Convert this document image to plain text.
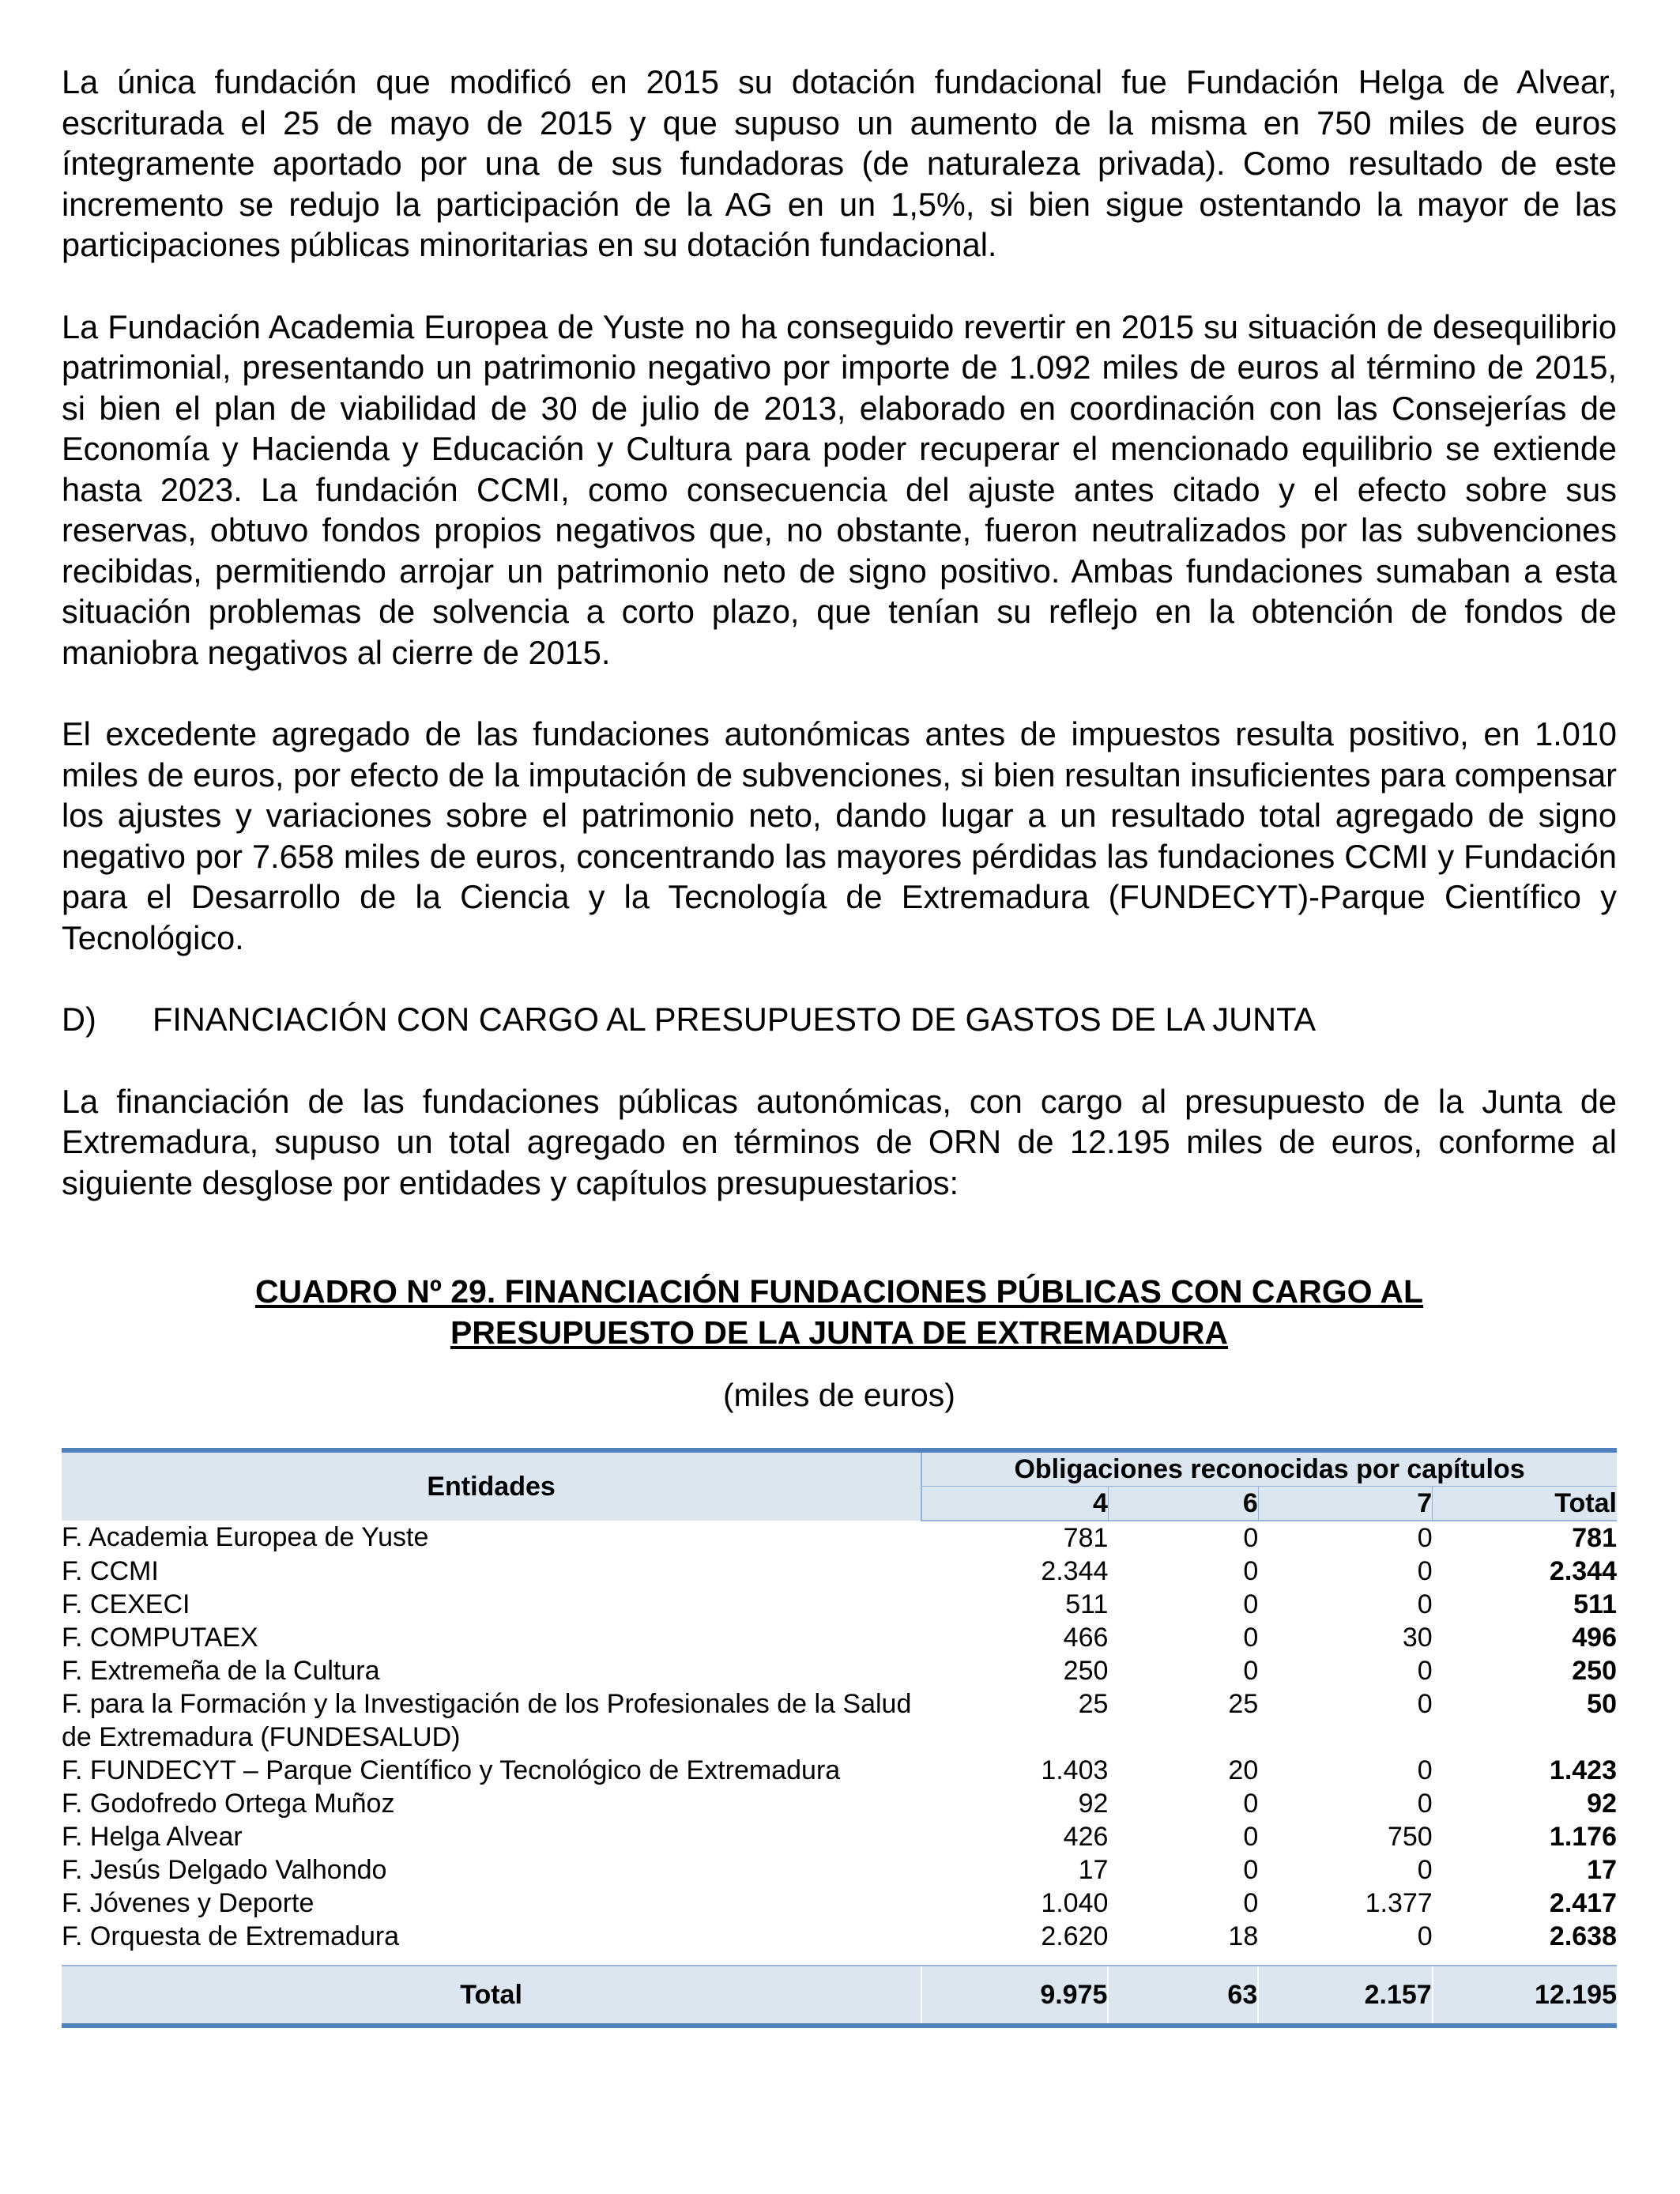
La única fundación que modificó en 2015 su dotación fundacional fue Fundación Helga de Alvear, escriturada el 25 de mayo de 2015 y que supuso un aumento de la misma en 750 miles de euros íntegramente aportado por una de sus fundadoras (de naturaleza privada). Como resultado de este incremento se redujo la participación de la AG en un 1,5%, si bien sigue ostentando la mayor de las participaciones públicas minoritarias en su dotación fundacional.

La Fundación Academia Europea de Yuste no ha conseguido revertir en 2015 su situación de desequilibrio patrimonial, presentando un patrimonio negativo por importe de 1.092 miles de euros al término de 2015, si bien el plan de viabilidad de 30 de julio de 2013, elaborado en coordinación con las Consejerías de Economía y Hacienda y Educación y Cultura para poder recuperar el mencionado equilibrio se extiende hasta 2023. La fundación CCMI, como consecuencia del ajuste antes citado y el efecto sobre sus reservas, obtuvo fondos propios negativos que, no obstante, fueron neutralizados por las subvenciones recibidas, permitiendo arrojar un patrimonio neto de signo positivo. Ambas fundaciones sumaban a esta situación problemas de solvencia a corto plazo, que tenían su reflejo en la obtención de fondos de maniobra negativos al cierre de 2015.

El excedente agregado de las fundaciones autonómicas antes de impuestos resulta positivo, en 1.010 miles de euros, por efecto de la imputación de subvenciones, si bien resultan insuficientes para compensar los ajustes y variaciones sobre el patrimonio neto, dando lugar a un resultado total agregado de signo negativo por 7.658 miles de euros, concentrando las mayores pérdidas las fundaciones CCMI y Fundación para el Desarrollo de la Ciencia y la Tecnología de Extremadura (FUNDECYT)-Parque Científico y Tecnológico.

D) FINANCIACIÓN CON CARGO AL PRESUPUESTO DE GASTOS DE LA JUNTA

La financiación de las fundaciones públicas autonómicas, con cargo al presupuesto de la Junta de Extremadura, supuso un total agregado en términos de ORN de 12.195 miles de euros, conforme al siguiente desglose por entidades y capítulos presupuestarios:

CUADRO Nº 29. FINANCIACIÓN FUNDACIONES PÚBLICAS CON CARGO AL

PRESUPUESTO DE LA JUNTA DE EXTREMADURA

(miles de euros)

Entidades	Obligaciones reconocidas por capítulos			
	4	6	7	Total
F. Academia Europea de Yuste	781	0	0	781
F. CCMI	2.344	0	0	2.344
F. CEXECI	511	0	0	511
F. COMPUTAEX	466	0	30	496
F. Extremeña de la Cultura	250	0	0	250
F. para la Formación y la Investigación de los Profesionales de la Salud de Extremadura (FUNDESALUD)	25	25	0	50
F. FUNDECYT – Parque Científico y Tecnológico de Extremadura	1.403	20	0	1.423
F. Godofredo Ortega Muñoz	92	0	0	92
F. Helga Alvear	426	0	750	1.176
F. Jesús Delgado Valhondo	17	0	0	17
F. Jóvenes y Deporte	1.040	0	1.377	2.417
F. Orquesta de Extremadura	2.620	18	0	2.638

Total	9.975	63	2.157	12.195
